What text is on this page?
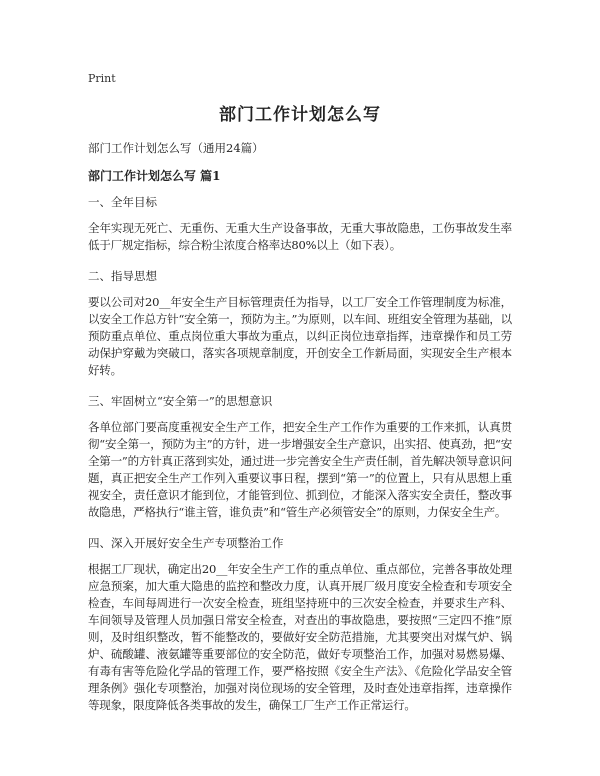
Print
部门工作计划怎么写
部门工作计划怎么写（通用24篇）
部门工作计划怎么写 篇1
一、全年目标
全年实现无死亡、无重伤、无重大生产设备事故，无重大事故隐患，工伤事故发生率低于厂规定指标，综合粉尘浓度合格率达80%以上（如下表）。
二、指导思想
要以公司对20__年安全生产目标管理责任为指导，以工厂安全工作管理制度为标准，以安全工作总方针“安全第一，预防为主。”为原则，以车间、班组安全管理为基础，以预防重点单位、重点岗位重大事故为重点，以纠正岗位违章指挥，违章操作和员工劳动保护穿戴为突破口，落实各项规章制度，开创安全工作新局面，实现安全生产根本好转。
三、牢固树立“安全第一”的思想意识
各单位部门要高度重视安全生产工作，把安全生产工作作为重要的工作来抓，认真贯彻“安全第一，预防为主”的方针，进一步增强安全生产意识，出实招、使真劲，把“安全第一”的方针真正落到实处，通过进一步完善安全生产责任制，首先解决领导意识问题，真正把安全生产工作列入重要议事日程，摆到“第一”的位置上，只有从思想上重视安全，责任意识才能到位，才能管到位、抓到位，才能深入落实安全责任，整改事故隐患，严格执行“谁主管，谁负责”和“管生产必须管安全”的原则，力保安全生产。
四、深入开展好安全生产专项整治工作
根据工厂现状，确定出20__年安全生产工作的重点单位、重点部位，完善各事故处理应急预案，加大重大隐患的监控和整改力度，认真开展厂级月度安全检查和专项安全检查，车间每周进行一次安全检查，班组坚持班中的三次安全检查，并要求生产科、车间领导及管理人员加强日常安全检查，对查出的事故隐患，要按照“三定四不推”原则，及时组织整改，暂不能整改的，要做好安全防范措施，尤其要突出对煤气炉、锅炉、硫酸罐、液氨罐等重要部位的安全防范，做好专项整治工作，加强对易燃易爆、有毒有害等危险化学品的管理工作，要严格按照《安全生产法》、《危险化学品安全管理条例》强化专项整治，加强对岗位现场的安全管理，及时查处违章指挥，违章操作等现象，限度降低各类事故的发生，确保工厂生产工作正常运行。
